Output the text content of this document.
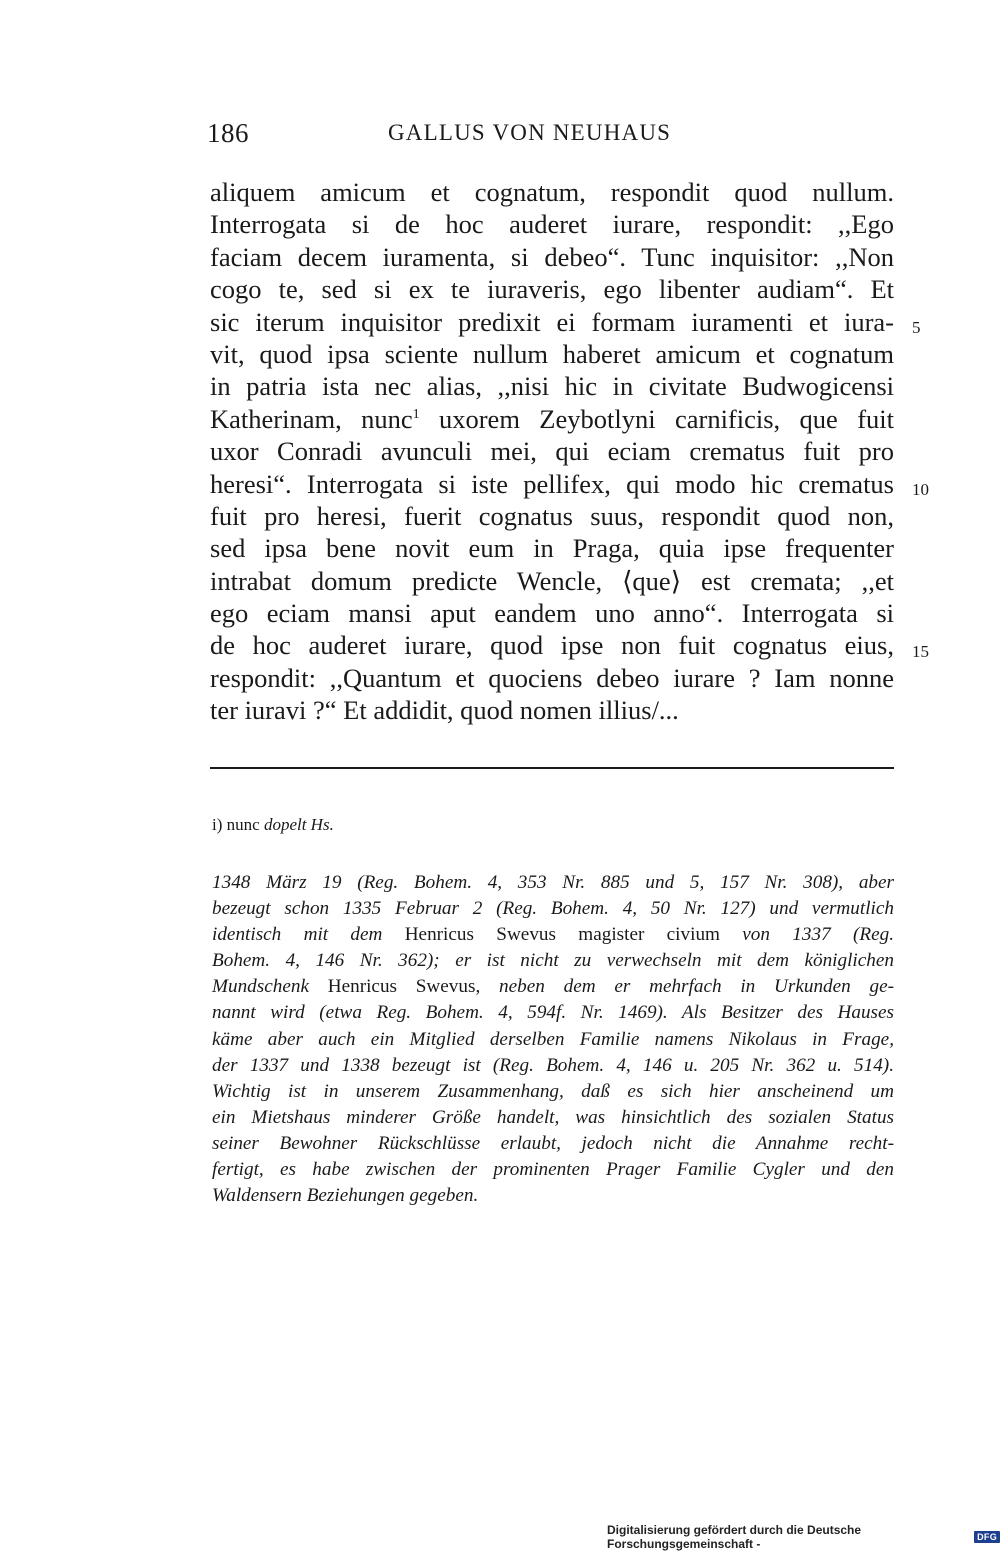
186	GALLUS VON NEUHAUS
aliquem amicum et cognatum, respondit quod nullum.
Interrogata si de hoc auderet iurare, respondit: ,,Ego
faciam decem iuramenta, si debeo“. Tunc inquisitor: ,,Non
cogo te, sed si ex te iuraveris, ego libenter audiam“. Et
sic iterum inquisitor predixit ei formam iuramenti et iura-
vit, quod ipsa sciente nullum haberet amicum et cognatum
in patria ista nec alias, ,,nisi hic in civitate Budwogicensi
Katherinam, nunc$^1$ uxorem Zeybotlyni carnificis, que fuit
uxor Conradi avunculi mei, qui eciam crematus fuit pro
heresi“. Interrogata si iste pellifex, qui modo hic crematus
fuit pro heresi, fuerit cognatus suus, respondit quod non,
sed ipsa bene novit eum in Praga, quia ipse frequenter
intrabat domum predicte Wencle, ⟨que⟩ est cremata; ,,et
ego eciam mansi aput eandem uno anno“. Interrogata si
de hoc auderet iurare, quod ipse non fuit cognatus eius,
respondit: ,,Quantum et quociens debeo iurare ? Iam nonne
ter iuravi ?“ Et addidit, quod nomen illius/...
5
10
15
i) nunc dopelt Hs.
1348 März 19 (Reg. Bohem. 4, 353 Nr. 885 und 5, 157 Nr. 308), aber
bezeugt schon 1335 Februar 2 (Reg. Bohem. 4, 50 Nr. 127) und vermutlich
identisch mit dem Henricus Swevus magister civium von 1337 (Reg.
Bohem. 4, 146 Nr. 362); er ist nicht zu verwechseln mit dem königlichen
Mundschenk Henricus Swevus, neben dem er mehrfach in Urkunden ge-
nannt wird (etwa Reg. Bohem. 4, 594f. Nr. 1469). Als Besitzer des Hauses
käme aber auch ein Mitglied derselben Familie namens Nikolaus in Frage,
der 1337 und 1338 bezeugt ist (Reg. Bohem. 4, 146 u. 205 Nr. 362 u. 514).
Wichtig ist in unserem Zusammenhang, daß es sich hier anscheinend um
ein Mietshaus minderer Größe handelt, was hinsichtlich des sozialen Status
seiner Bewohner Rückschlüsse erlaubt, jedoch nicht die Annahme recht-
fertigt, es habe zwischen der prominenten Prager Familie Cygler und den
Waldensern Beziehungen gegeben.
Digitalisierung gefördert durch die Deutsche Forschungsgemeinschaft -	DFG
